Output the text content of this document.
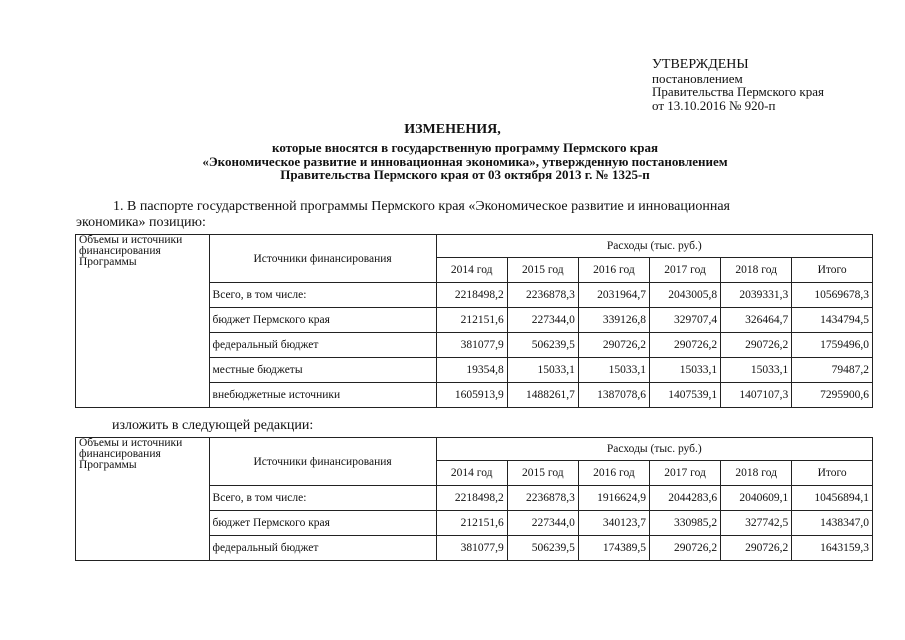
УТВЕРЖДЕНЫ
постановлением
Правительства Пермского края
от 13.10.2016 № 920-п
ИЗМЕНЕНИЯ,
которые вносятся в государственную программу Пермского края
«Экономическое развитие и инновационная экономика», утвержденную постановлением
Правительства Пермского края от 03 октября 2013 г. № 1325-п
1. В паспорте государственной программы Пермского края «Экономическое развитие и инновационная
экономика» позицию:
Объемы и источники
финансирования
Программы	Источники финансирования	Расходы (тыс. руб.)					
		2014 год	2015 год	2016 год	2017 год	2018 год	Итого
	Всего, в том числе:	2218498,2	2236878,3	2031964,7	2043005,8	2039331,3	10569678,3
	бюджет Пермского края	212151,6	227344,0	339126,8	329707,4	326464,7	1434794,5
	федеральный бюджет	381077,9	506239,5	290726,2	290726,2	290726,2	1759496,0
	местные бюджеты	19354,8	15033,1	15033,1	15033,1	15033,1	79487,2
	внебюджетные источники	1605913,9	1488261,7	1387078,6	1407539,1	1407107,3	7295900,6
изложить в следующей редакции:
Объемы и источники
финансирования
Программы	Источники финансирования	Расходы (тыс. руб.)					
		2014 год	2015 год	2016 год	2017 год	2018 год	Итого
	Всего, в том числе:	2218498,2	2236878,3	1916624,9	2044283,6	2040609,1	10456894,1
	бюджет Пермского края	212151,6	227344,0	340123,7	330985,2	327742,5	1438347,0
	федеральный бюджет	381077,9	506239,5	174389,5	290726,2	290726,2	1643159,3
